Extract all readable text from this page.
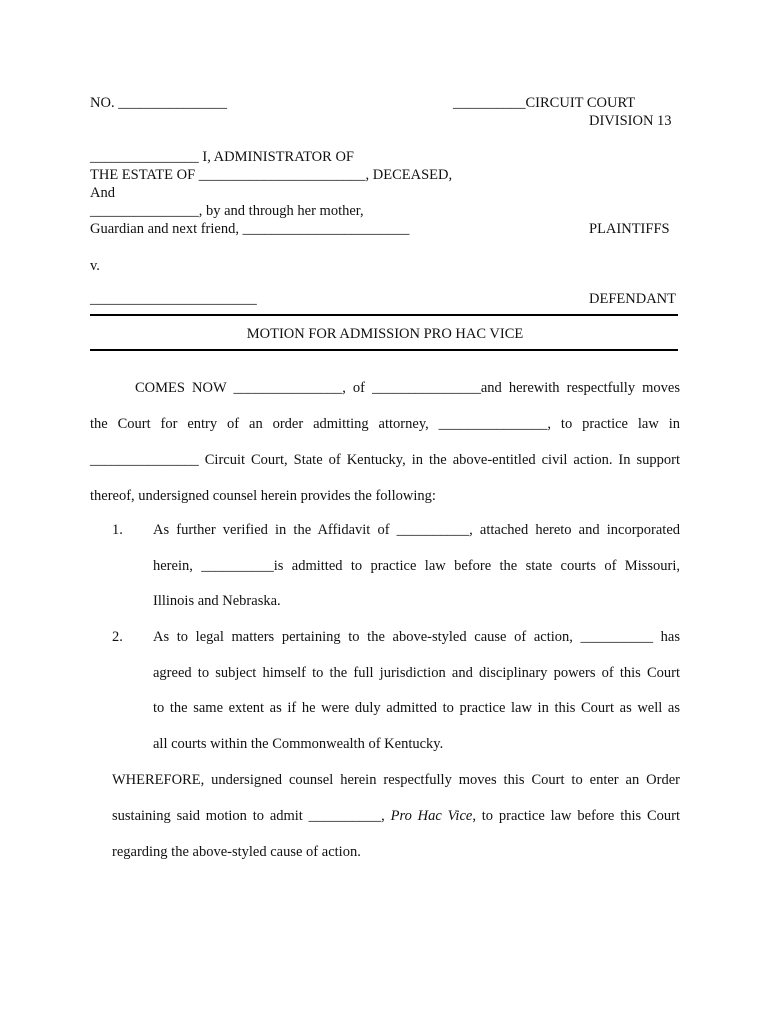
NO. _______________	__________CIRCUIT COURT
DIVISION 13
_______________ I, ADMINISTRATOR OF
THE ESTATE OF _______________________, DECEASED,
And
_______________, by and through her mother,
Guardian and next friend, _______________________	PLAINTIFFS
v.
_______________________	DEFENDANT
MOTION FOR ADMISSION PRO HAC VICE
COMES NOW _______________, of _______________and herewith respectfully moves
the Court for entry of an order admitting attorney, _______________, to practice law in
_______________ Circuit Court, State of Kentucky, in the above-entitled civil action. In support
thereof, undersigned counsel herein provides the following:
1. As further verified in the Affidavit of __________, attached hereto and incorporated
herein, __________is admitted to practice law before the state courts of Missouri,
Illinois and Nebraska.
2. As to legal matters pertaining to the above-styled cause of action, __________ has
agreed to subject himself to the full jurisdiction and disciplinary powers of this Court
to the same extent as if he were duly admitted to practice law in this Court as well as
all courts within the Commonwealth of Kentucky.
WHEREFORE, undersigned counsel herein respectfully moves this Court to enter an Order
sustaining said motion to admit __________, Pro Hac Vice, to practice law before this Court
regarding the above-styled cause of action.
